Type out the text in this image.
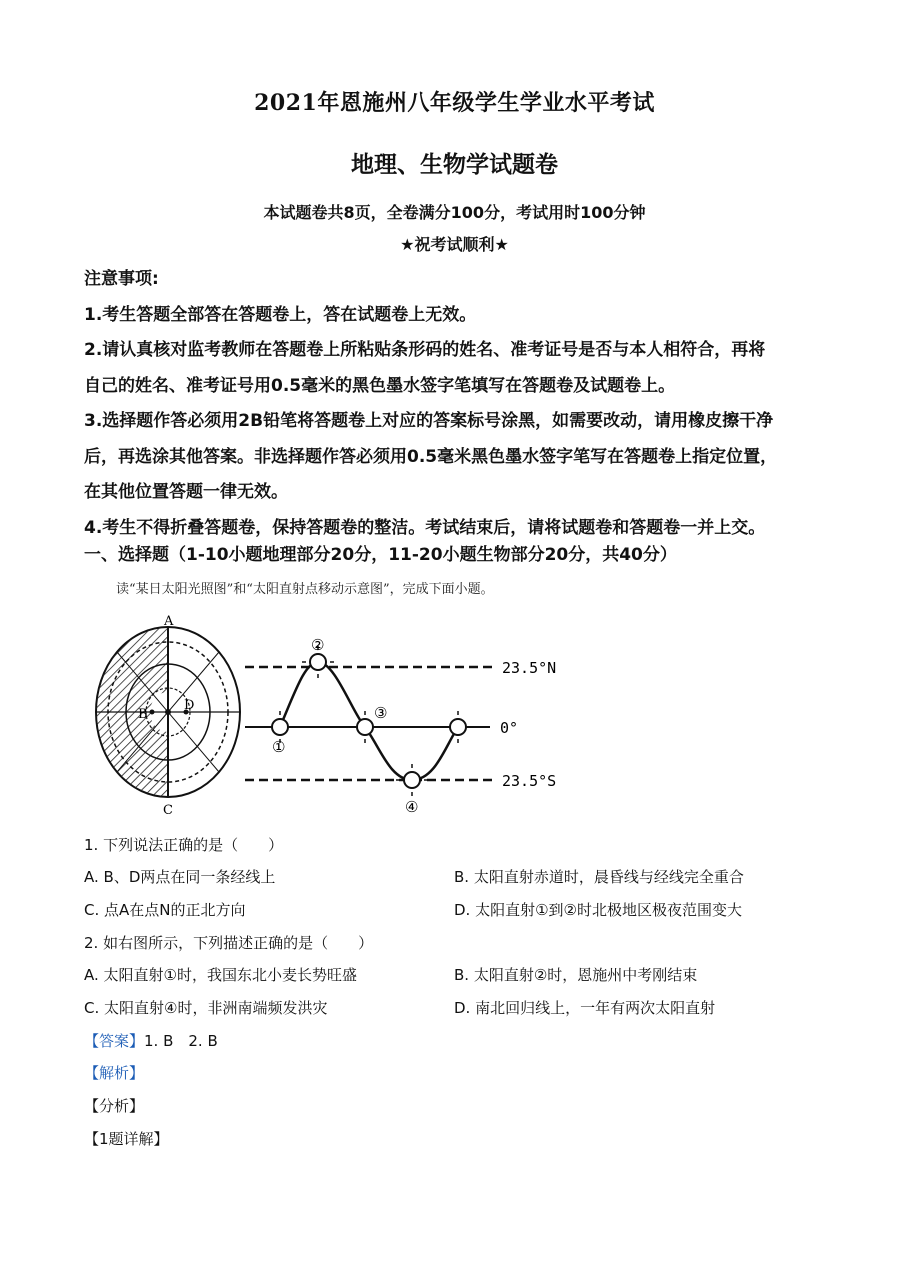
2021年恩施州八年级学生学业水平考试
地理、生物学试题卷
本试题卷共8页，全卷满分100分，考试用时100分钟
★祝考试顺利★

注意事项:

1.考生答题全部答在答题卷上，答在试题卷上无效。

2.请认真核对监考教师在答题卷上所粘贴条形码的姓名、准考证号是否与本人相符合，再将

自己的姓名、准考证号用0.5毫米的黑色墨水签字笔填写在答题卷及试题卷上。

3.选择题作答必须用2B铅笔将答题卷上对应的答案标号涂黑，如需要改动，请用橡皮擦干净

后，再选涂其他答案。非选择题作答必须用0.5毫米黑色墨水签字笔写在答题卷上指定位置，

在其他位置答题一律无效。

4.考生不得折叠答题卷，保持答题卷的整洁。考试结束后，请将试题卷和答题卷一并上交。

一、选择题（1-10小题地理部分20分，11-20小题生物部分20分，共40分）
读“某日太阳光照图”和“太阳直射点移动示意图”，完成下面小题。
A
B
C
D
①
②
③
④
23.5°N
0°
23.5°S
1. 下列说法正确的是（　　）
A. B、D两点在同一条经线上	B. 太阳直射赤道时，晨昏线与经线完全重合
C. 点A在点N的正北方向	D. 太阳直射①到②时北极地区极夜范围变大
2. 如右图所示，下列描述正确的是（　　）
A. 太阳直射①时，我国东北小麦长势旺盛	B. 太阳直射②时，恩施州中考刚结束
C. 太阳直射④时，非洲南端频发洪灾	D. 南北回归线上，一年有两次太阳直射
【答案】1. B　2. B
【解析】
【分析】
【1题详解】
